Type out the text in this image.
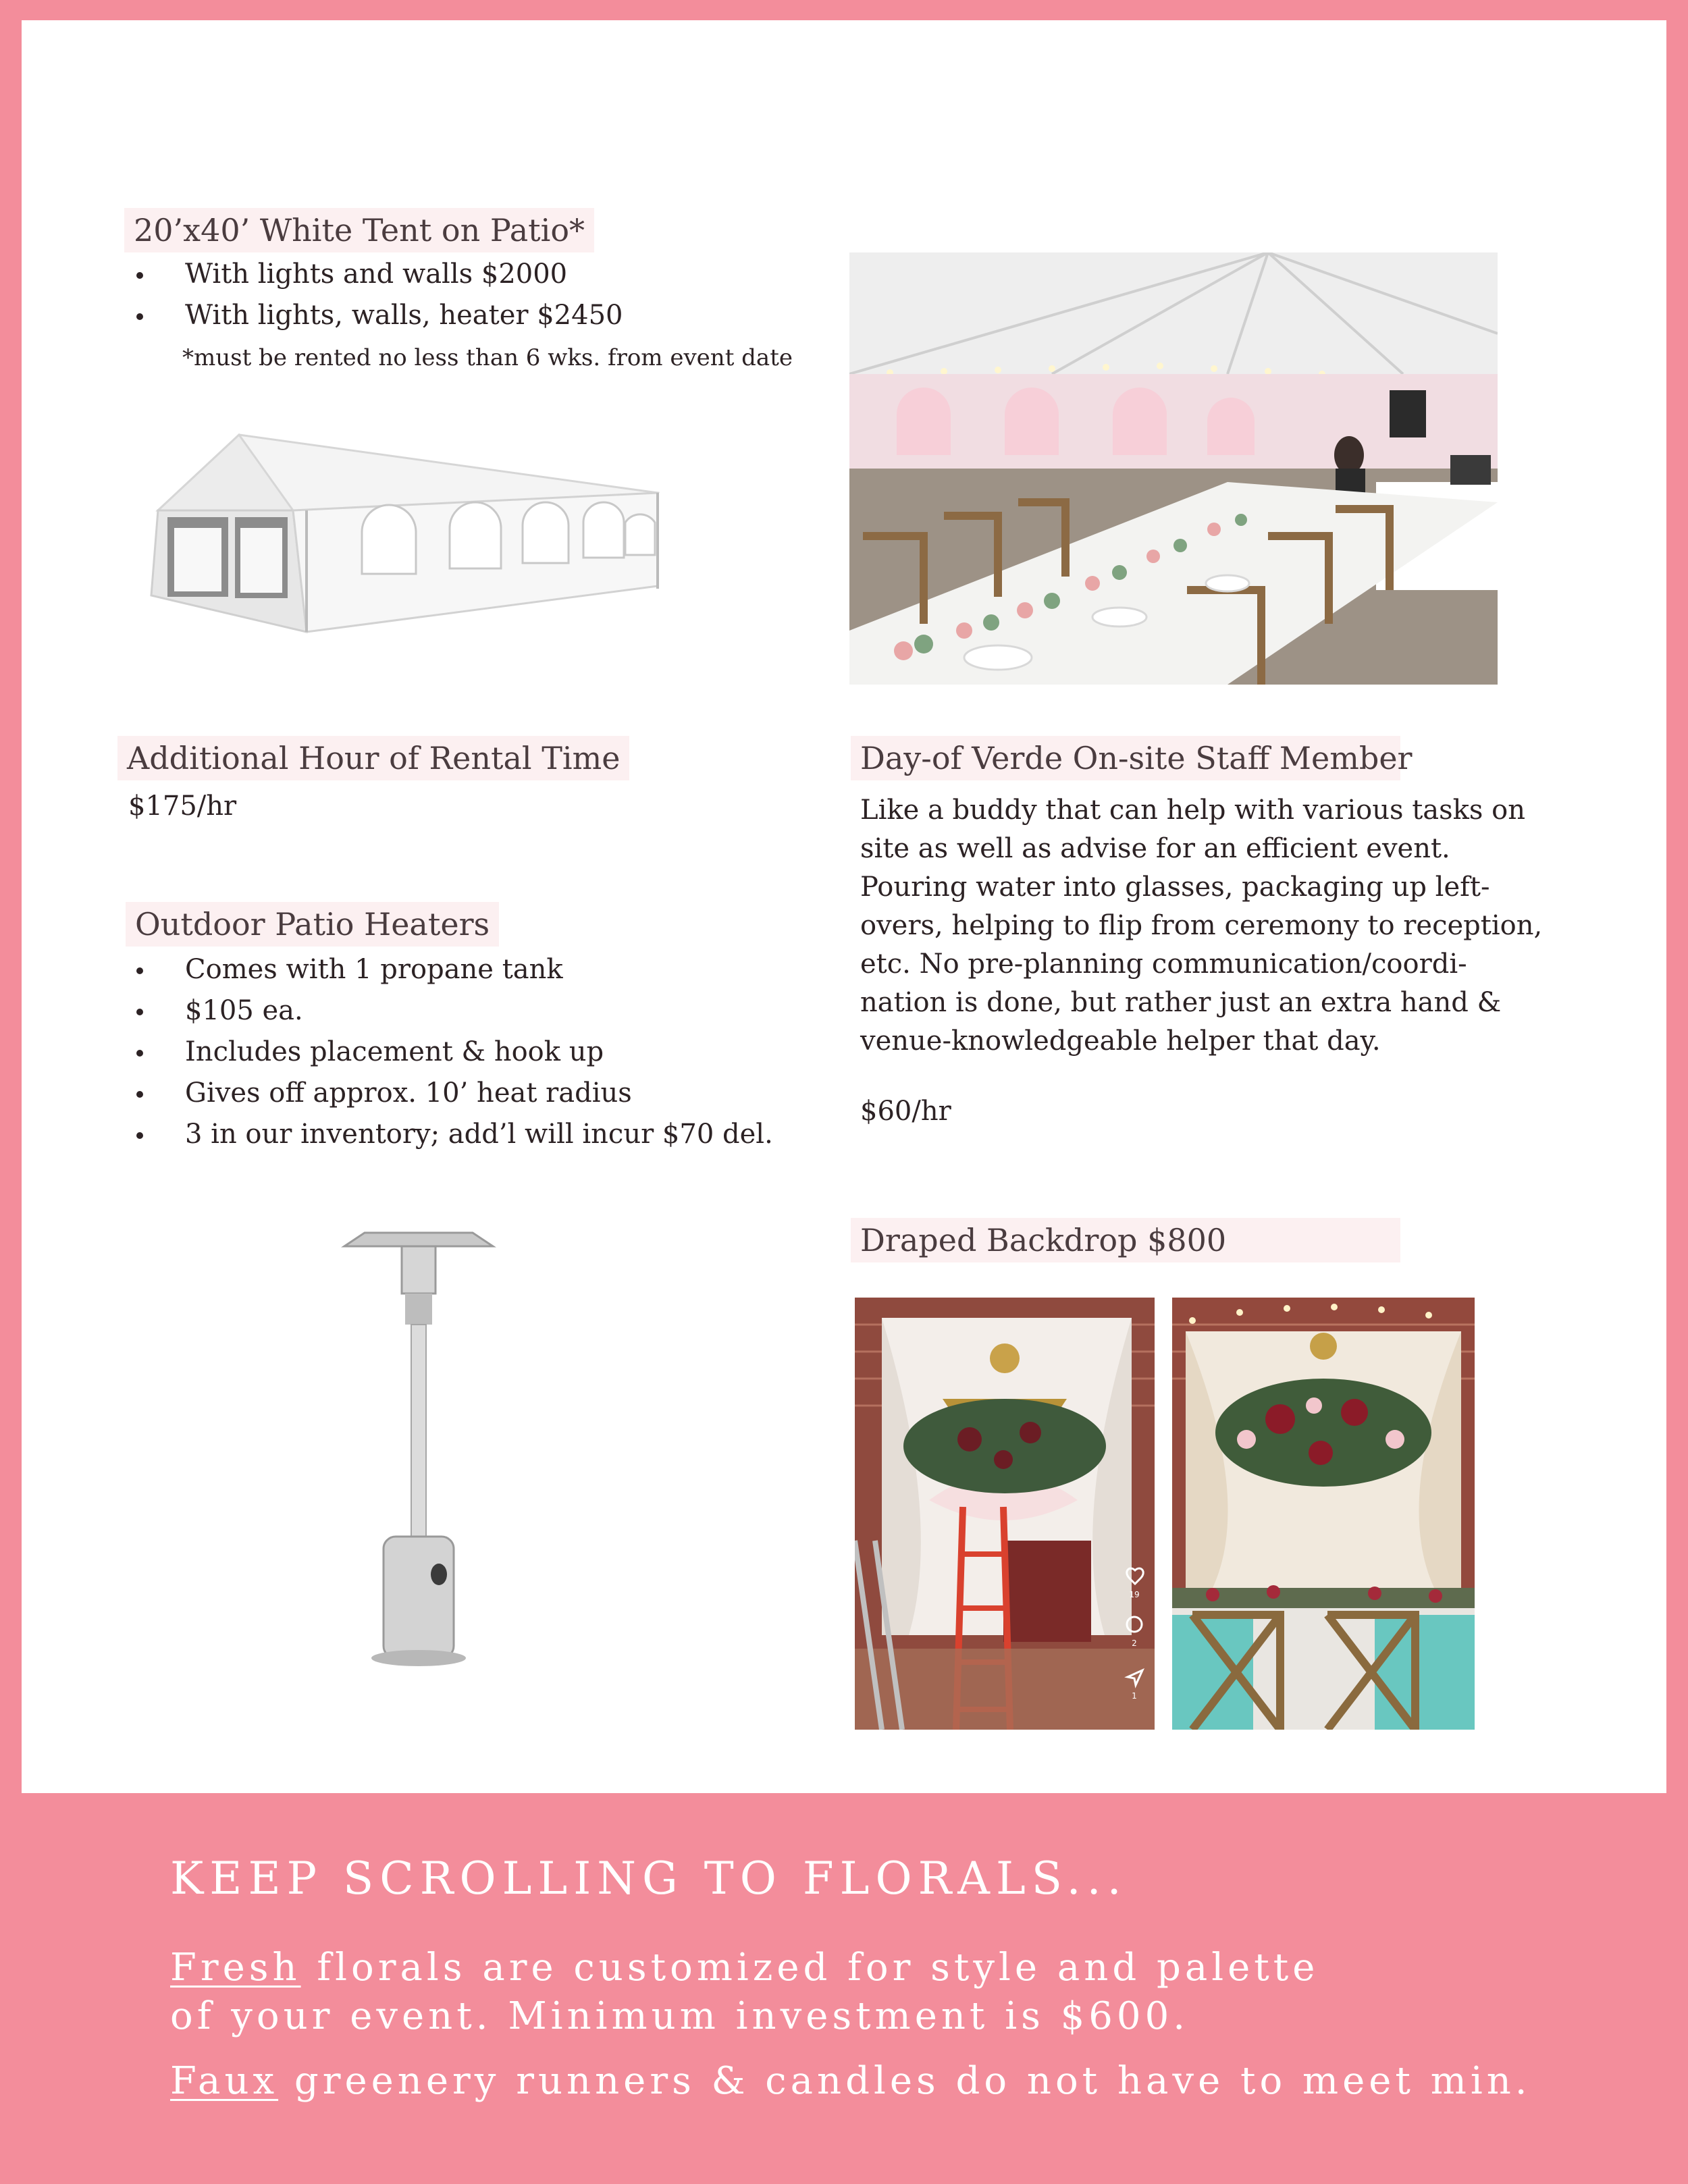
20’x40’ White Tent on Patio*
With lights and walls $2000
With lights, walls, heater $2450
*must be rented no less than 6 wks. from event date
Additional Hour of Rental Time
$175/hr
Outdoor Patio Heaters
Comes with 1 propane tank
$105 ea.
Includes placement & hook up
Gives off approx. 10’ heat radius
3 in our inventory; add’l will incur $70 del.
Day-of Verde On-site Staff Member
Like a buddy that can help with various tasks on
site as well as advise for an efficient event.
Pouring water into glasses, packaging up left-
overs, helping to flip from ceremony to reception,
etc. No pre-planning communication/coordi-
nation is done, but rather just an extra hand &
venue-knowledgeable helper that day.
$60/hr
Draped Backdrop $800
19
2
1
KEEP SCROLLING TO FLORALS...
Fresh florals are customized for style and palette
of your event. Minimum investment is $600.
Faux greenery runners & candles do not have to meet min.
